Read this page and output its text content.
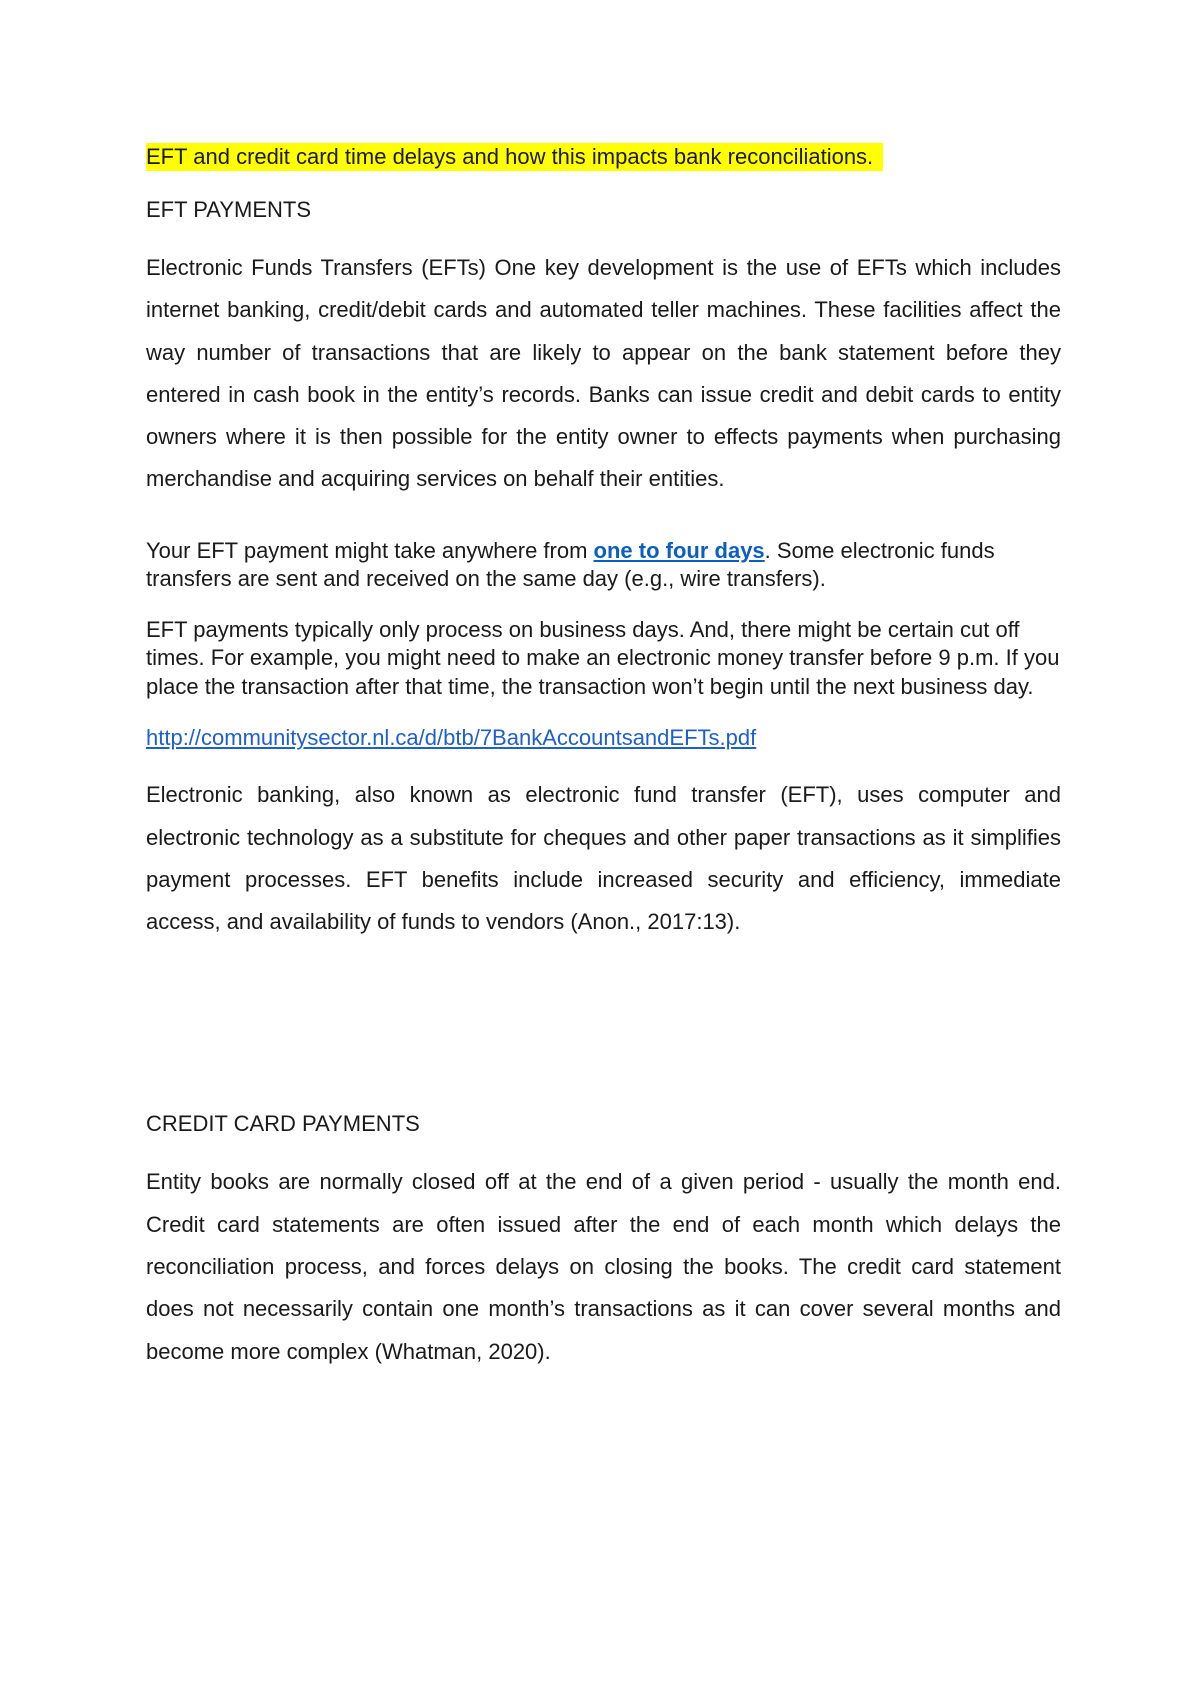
EFT and credit card time delays and how this impacts bank reconciliations.

EFT PAYMENTS

Electronic Funds Transfers (EFTs) One key development is the use of EFTs which includes internet banking, credit/debit cards and automated teller machines. These facilities affect the way number of transactions that are likely to appear on the bank statement before they entered in cash book in the entity’s records. Banks can issue credit and debit cards to entity owners where it is then possible for the entity owner to effects payments when purchasing merchandise and acquiring services on behalf their entities.

Your EFT payment might take anywhere from one to four days. Some electronic funds transfers are sent and received on the same day (e.g., wire transfers).

EFT payments typically only process on business days. And, there might be certain cut off times. For example, you might need to make an electronic money transfer before 9 p.m. If you place the transaction after that time, the transaction won’t begin until the next business day.

http://communitysector.nl.ca/d/btb/7BankAccountsandEFTs.pdf

Electronic banking, also known as electronic fund transfer (EFT), uses computer and electronic technology as a substitute for cheques and other paper transactions as it simplifies payment processes. EFT benefits include increased security and efficiency, immediate access, and availability of funds to vendors (Anon., 2017:13).

CREDIT CARD PAYMENTS

Entity books are normally closed off at the end of a given period - usually the month end. Credit card statements are often issued after the end of each month which delays the reconciliation process, and forces delays on closing the books. The credit card statement does not necessarily contain one month’s transactions as it can cover several months and become more complex (Whatman, 2020).
